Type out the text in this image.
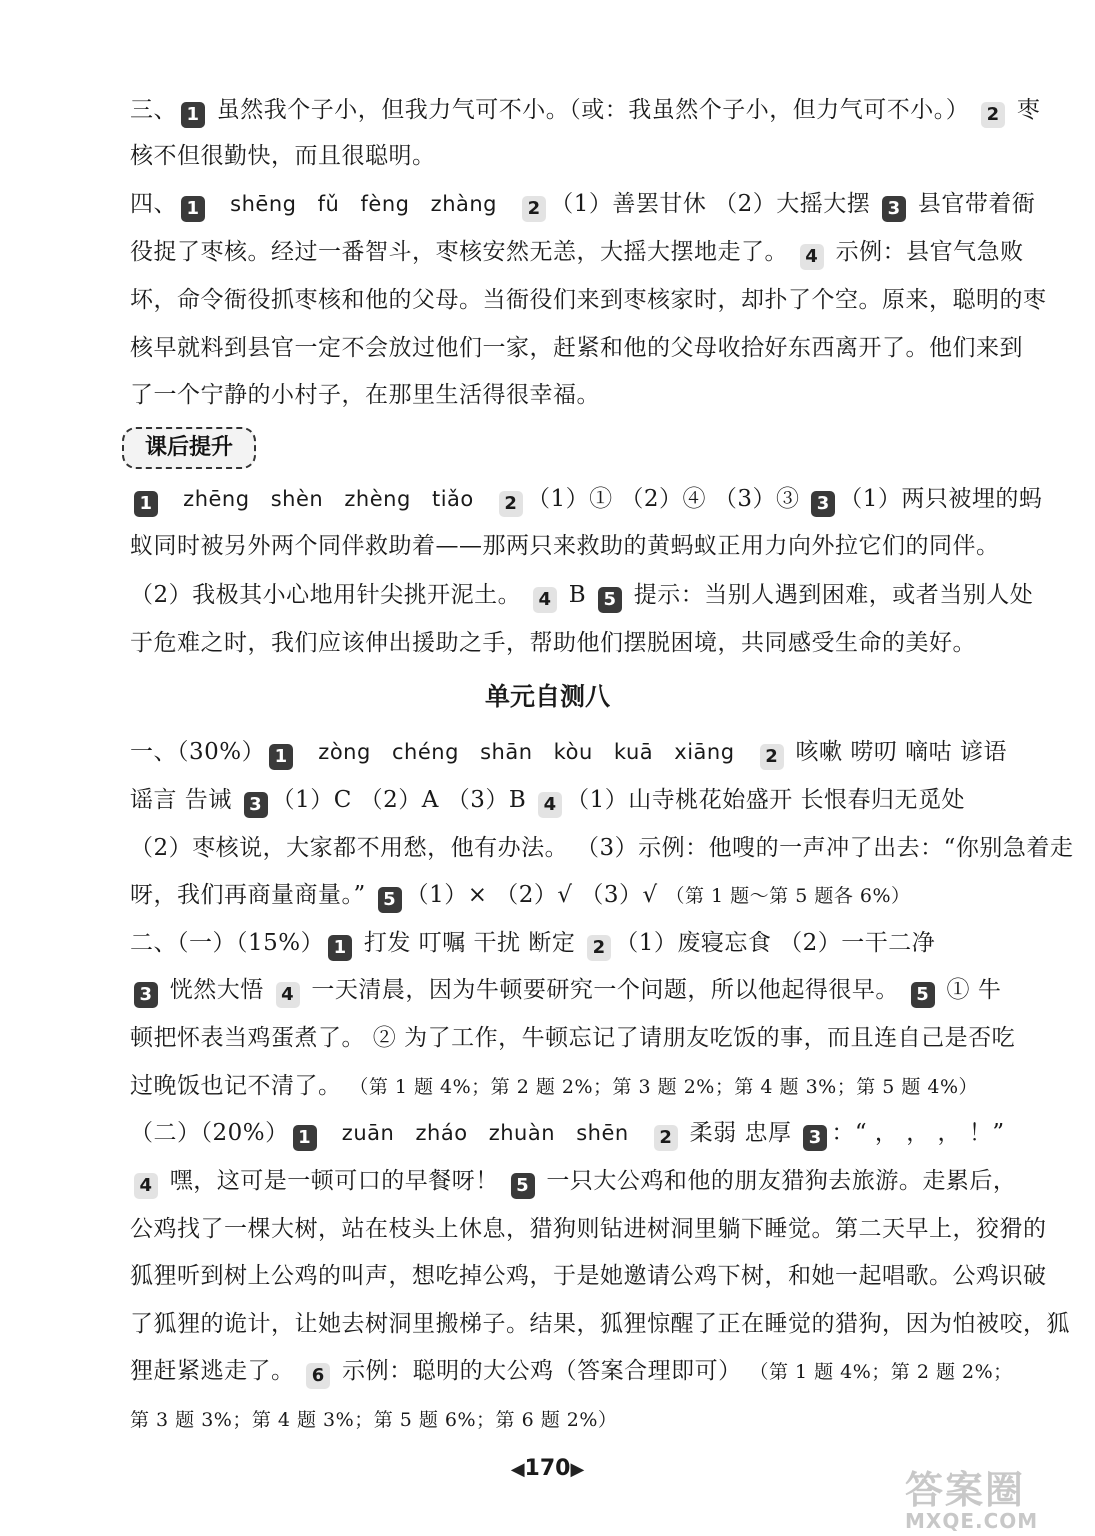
三、 1 虽然我个子小，但我力气可不小。（或：我虽然个子小，但力气可不小。） 2 枣
核不但很勤快，而且很聪明。
四、 1 shēng fǔ fèng zhàng 2 （1）善罢甘休 （2）大摇大摆 3 县官带着衙
役捉了枣核。经过一番智斗，枣核安然无恙，大摇大摆地走了。 4 示例：县官气急败
坏，命令衙役抓枣核和他的父母。当衙役们来到枣核家时，却扑了个空。原来，聪明的枣
核早就料到县官一定不会放过他们一家，赶紧和他的父母收拾好东西离开了。他们来到
了一个宁静的小村子，在那里生活得很幸福。
1 zhēng shèn zhèng tiǎo 2 （1）① （2）④ （3）③ 3 （1）两只被埋的蚂
蚁同时被另外两个同伴救助着——那两只来救助的黄蚂蚁正用力向外拉它们的同伴。
（2）我极其小心地用针尖挑开泥土。 4 B 5 提示：当别人遇到困难，或者当别人处
于危难之时，我们应该伸出援助之手，帮助他们摆脱困境，共同感受生命的美好。
一、（30%） 1 zòng chéng shān kòu kuā xiāng 2 咳嗽 唠叨 嘀咕 谚语
谣言 告诫 3 （1）C （2）A （3）B 4 （1）山寺桃花始盛开 长恨春归无觅处
（2）枣核说，大家都不用愁，他有办法。 （3）示例：他嗖的一声冲了出去：“你别急着走
呀，我们再商量商量。” 5 （1）× （2）√ （3）√ （第 1 题～第 5 题各 6%）
二、（一）（15%） 1 打发 叮嘱 干扰 断定 2 （1）废寝忘食 （2）一干二净
3 恍然大悟 4 一天清晨，因为牛顿要研究一个问题，所以他起得很早。 5 ① 牛
顿把怀表当鸡蛋煮了。 ② 为了工作，牛顿忘记了请朋友吃饭的事，而且连自己是否吃
过晚饭也记不清了。 （第 1 题 4%；第 2 题 2%；第 3 题 2%；第 4 题 3%；第 5 题 4%）
（二）（20%） 1 zuān zháo zhuàn shēn 2 柔弱 忠厚 3 ：“ ， ， ， ！”
4 嘿，这可是一顿可口的早餐呀！ 5 一只大公鸡和他的朋友猎狗去旅游。走累后，
公鸡找了一棵大树，站在枝头上休息，猎狗则钻进树洞里躺下睡觉。第二天早上，狡猾的
狐狸听到树上公鸡的叫声，想吃掉公鸡，于是她邀请公鸡下树，和她一起唱歌。公鸡识破
了狐狸的诡计，让她去树洞里搬梯子。结果，狐狸惊醒了正在睡觉的猎狗，因为怕被咬，狐
狸赶紧逃走了。 6 示例：聪明的大公鸡（答案合理即可） （第 1 题 4%；第 2 题 2%；
第 3 题 3%；第 4 题 3%；第 5 题 6%；第 6 题 2%）
课后提升
单元自测八
◀170▶	答案圈
MXQE.COM
